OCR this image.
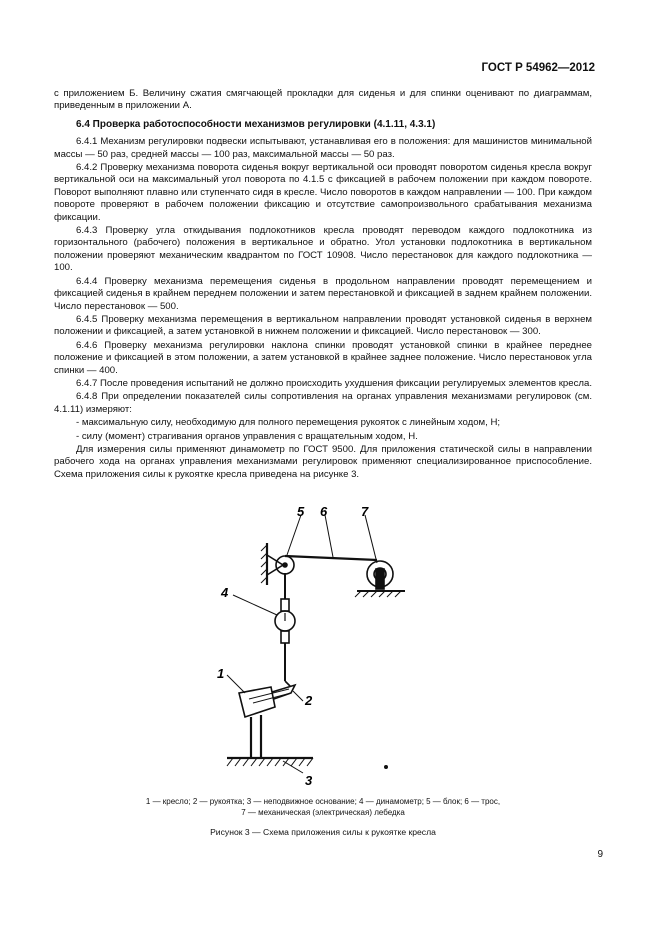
ГОСТ Р 54962—2012

с приложением Б. Величину сжатия смягчающей прокладки для сиденья и для спинки оценивают по диаграммам, приведенным в приложении А.

6.4 Проверка работоспособности механизмов регулировки (4.1.11, 4.3.1)

6.4.1 Механизм регулировки подвески испытывают, устанавливая его в положения: для машинистов минимальной массы — 50 раз, средней массы — 100 раз, максимальной массы — 50 раз.

6.4.2 Проверку механизма поворота сиденья вокруг вертикальной оси проводят поворотом сиденья кресла вокруг вертикальной оси на максимальный угол поворота по 4.1.5 с фиксацией в рабочем положении при каждом повороте. Поворот выполняют плавно или ступенчато сидя в кресле. Число поворотов в каждом направлении — 100. При каждом повороте проверяют в рабочем положении фиксацию и отсутствие самопроизвольного срабатывания механизма фиксации.

6.4.3 Проверку угла откидывания подлокотников кресла проводят переводом каждого подлокотника из горизонтального (рабочего) положения в вертикальное и обратно. Угол установки подлокотника в вертикальном положении проверяют механическим квадрантом по ГОСТ 10908. Число перестановок для каждого подлокотника — 100.

6.4.4 Проверку механизма перемещения сиденья в продольном направлении проводят перемещением и фиксацией сиденья в крайнем переднем положении и затем перестановкой и фиксацией в заднем крайнем положении. Число перестановок — 500.

6.4.5 Проверку механизма перемещения в вертикальном направлении проводят установкой сиденья в верхнем положении и фиксацией, а затем установкой в нижнем положении и фиксацией. Число перестановок — 300.

6.4.6 Проверку механизма регулировки наклона спинки проводят установкой спинки в крайнее переднее положение и фиксацией в этом положении, а затем установкой в крайнее заднее положение. Число перестановок угла спинки — 400.

6.4.7 После проведения испытаний не должно происходить ухудшения фиксации регулируемых элементов кресла.

6.4.8 При определении показателей силы сопротивления на органах управления механизмами регулировок (см. 4.1.11) измеряют:

- максимальную силу, необходимую для полного перемещения рукояток с линейным ходом, Н;

- силу (момент) страгивания органов управления с вращательным ходом, Н.

Для измерения силы применяют динамометр по ГОСТ 9500. Для приложения статической силы в направлении рабочего хода на органах управления механизмами регулировок применяют специализированное приспособление. Схема приложения силы к рукоятке кресла приведена на рисунке 3.

5 6	7
4
1
2
3
1 — кресло; 2 — рукоятка; 3 — неподвижное основание; 4 — динамометр; 5 — блок; 6 — трос,
7 — механическая (электрическая) лебедка
Рисунок 3 — Схема приложения силы к рукоятке кресла
9
